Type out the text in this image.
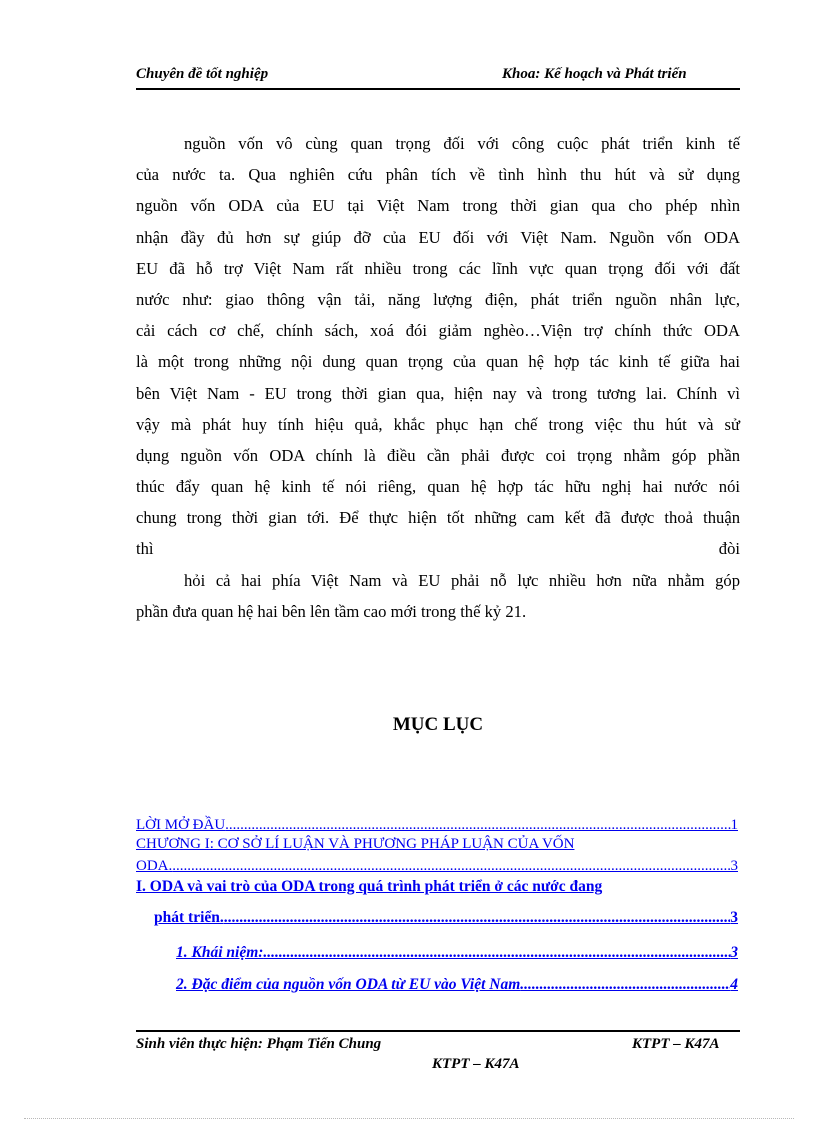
Chuyên đề tốt nghiệp	Khoa: Kế hoạch và Phát triển
nguồn vốn vô cùng quan trọng đối với công cuộc phát triển kinh tế
của nước ta. Qua nghiên cứu phân tích về tình hình thu hút và sử dụng
nguồn vốn ODA của EU tại Việt Nam trong thời gian qua cho phép nhìn
nhận đầy đủ hơn sự giúp đỡ của EU đối với Việt Nam. Nguồn vốn ODA
EU đã hỗ trợ Việt Nam rất nhiều trong các lĩnh vực quan trọng đối với đất
nước như: giao thông vận tải, năng lượng điện, phát triển nguồn nhân lực,
cải cách cơ chế, chính sách, xoá đói giảm nghèo…Viện trợ chính thức ODA
là một trong những nội dung quan trọng của quan hệ hợp tác kinh tế giữa hai
bên Việt Nam - EU trong thời gian qua, hiện nay và trong tương lai. Chính vì
vậy mà phát huy tính hiệu quả, khắc phục hạn chế trong việc thu hút và sử
dụng nguồn vốn ODA chính là điều cần phải được coi trọng nhằm góp phần
thúc đẩy quan hệ kinh tế nói riêng, quan hệ hợp tác hữu nghị hai nước nói
chung trong thời gian tới. Để thực hiện tốt những cam kết đã được thoả thuận
thì	đòi
hỏi cả hai phía Việt Nam và EU phải nỗ lực nhiều hơn nữa nhằm góp
phần đưa quan hệ hai bên lên tầm cao mới trong thế kỷ 21.
MỤC LỤC
LỜI MỞ ĐẦU .....	1
CHƯƠNG I: CƠ SỞ LÍ LUẬN VÀ PHƯƠNG PHÁP LUẬN CỦA VỐN
ODA. .....	3
I. ODA và vai trò của ODA trong quá trình phát triển ở các nước đang
phát triển. .....	3
1. Khái niệm: .....	3
2. Đặc điểm của nguồn vốn ODA từ EU vào Việt Nam .....	4
Sinh viên thực hiện: Phạm Tiến Chung	KTPT – K47A
KTPT – K47A
